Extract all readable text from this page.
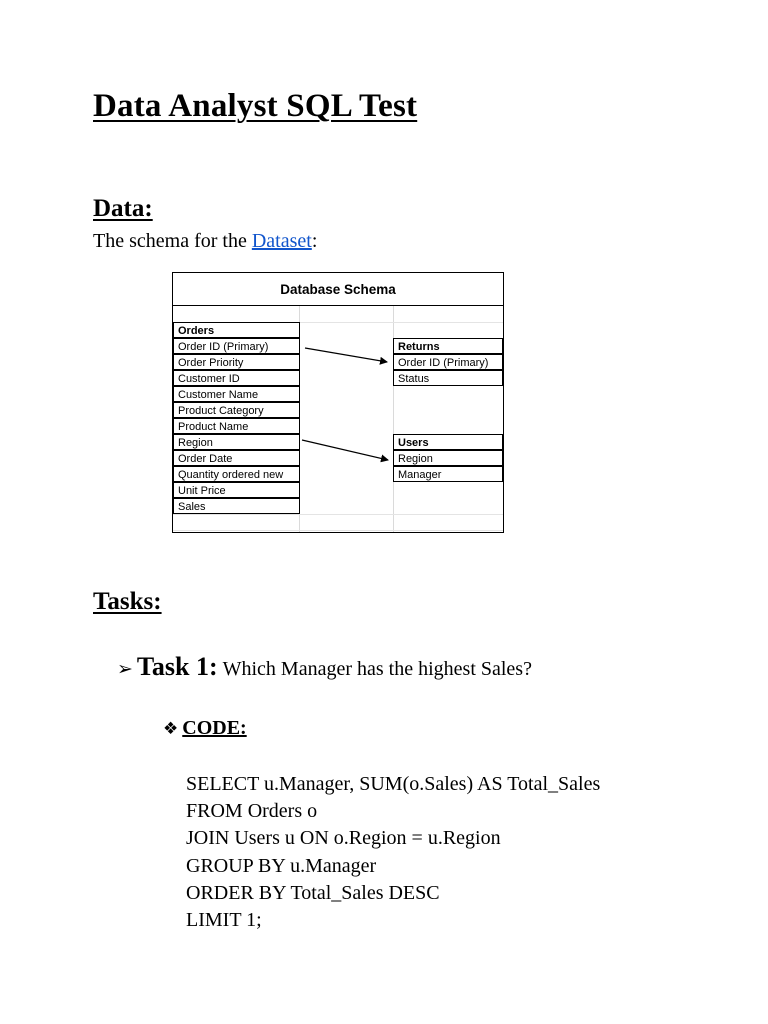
Data Analyst SQL Test
Data:
The schema for the Dataset:
Database Schema
Orders
Order ID (Primary)
Order Priority
Customer ID
Customer Name
Product Category
Product Name
Region
Order Date
Quantity ordered new
Unit Price
Sales
Returns
Order ID (Primary)
Status
Users
Region
Manager
Tasks:
➢ Task 1: Which Manager has the highest Sales?
❖ CODE:
SELECT u.Manager, SUM(o.Sales) AS Total_Sales
FROM Orders o
JOIN Users u ON o.Region = u.Region
GROUP BY u.Manager
ORDER BY Total_Sales DESC
LIMIT 1;
